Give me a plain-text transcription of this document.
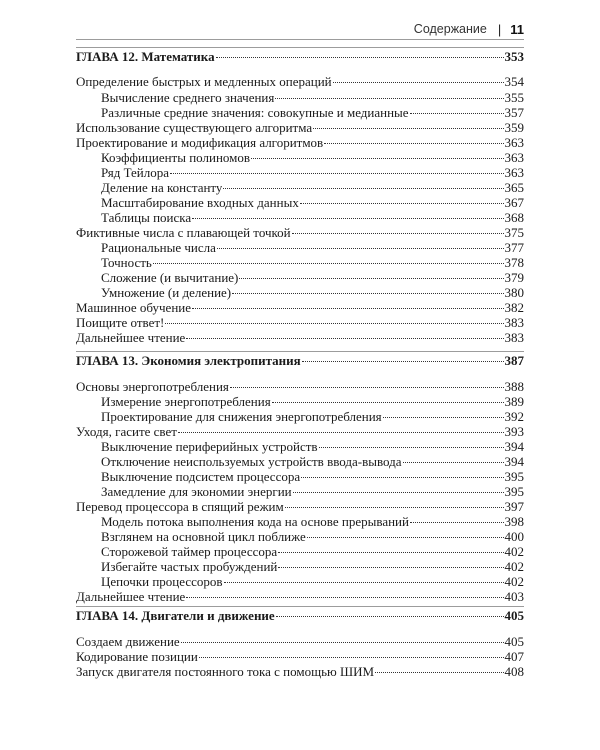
Содержание | 11
ГЛАВА 12. Математика	353
Определение быстрых и медленных операций	354
Вычисление среднего значения	355
Различные средние значения: совокупные и медианные	357
Использование существующего алгоритма	359
Проектирование и модификация алгоритмов	363
Коэффициенты полиномов	363
Ряд Тейлора	363
Деление на константу	365
Масштабирование входных данных	367
Таблицы поиска	368
Фиктивные числа с плавающей точкой	375
Рациональные числа	377
Точность	378
Сложение (и вычитание)	379
Умножение (и деление)	380
Машинное обучение	382
Поищите ответ!	383
Дальнейшее чтение	383
ГЛАВА 13. Экономия электропитания	387
Основы энергопотребления	388
Измерение энергопотребления	389
Проектирование для снижения энергопотребления	392
Уходя, гасите свет	393
Выключение периферийных устройств	394
Отключение неиспользуемых устройств ввода-вывода	394
Выключение подсистем процессора	395
Замедление для экономии энергии	395
Перевод процессора в спящий режим	397
Модель потока выполнения кода на основе прерываний	398
Взглянем на основной цикл поближе	400
Сторожевой таймер процессора	402
Избегайте частых пробуждений	402
Цепочки процессоров	402
Дальнейшее чтение	403
ГЛАВА 14. Двигатели и движение	405
Создаем движение	405
Кодирование позиции	407
Запуск двигателя постоянного тока с помощью ШИМ	408
